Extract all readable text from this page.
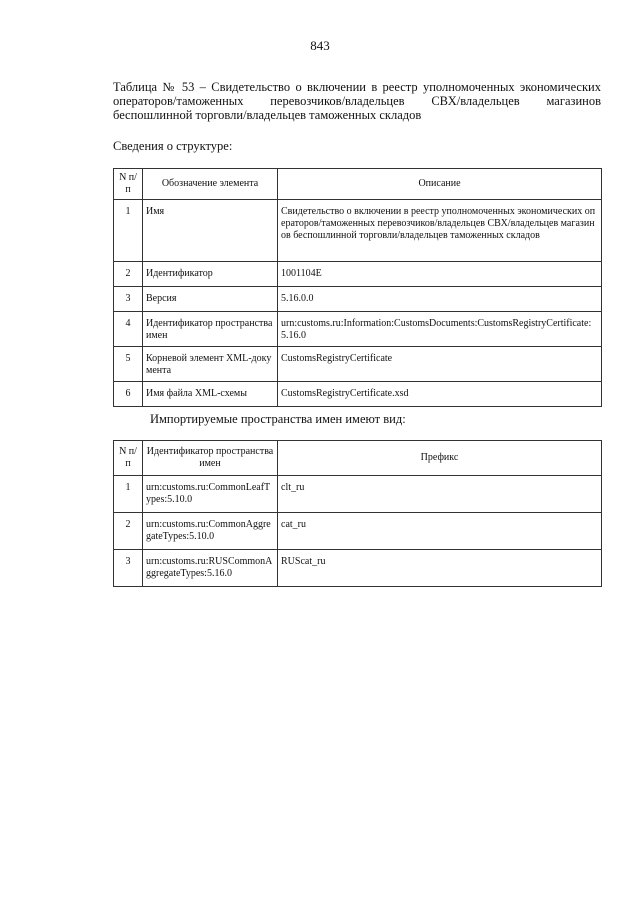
843
Таблица № 53 – Свидетельство о включении в реестр уполномоченных экономических операторов/таможенных перевозчиков/владельцев СВХ/владельцев магазинов беспошлинной торговли/владельцев таможенных складов
Сведения о структуре:
N п/п	Обозначение элемента	Описание
1	Имя	Свидетельство о включении в реестр уполномоченных экономических операторов/таможенных перевозчиков/владельцев СВХ/владельцев магазинов беспошлинной торговли/владельцев таможенных складов
2	Идентификатор	1001104E
3	Версия	5.16.0.0
4	Идентификатор пространства имен	urn:customs.ru:Information:CustomsDocuments:CustomsRegistryCertificate:5.16.0
5	Корневой элемент XML-документа	CustomsRegistryCertificate
6	Имя файла XML-схемы	CustomsRegistryCertificate.xsd
Импортируемые пространства имен имеют вид:
N п/п	Идентификатор пространства имен	Префикс
1	urn:customs.ru:CommonLeafTypes:5.10.0	clt_ru
2	urn:customs.ru:CommonAggregateTypes:5.10.0	cat_ru
3	urn:customs.ru:RUSCommonAggregateTypes:5.16.0	RUScat_ru
